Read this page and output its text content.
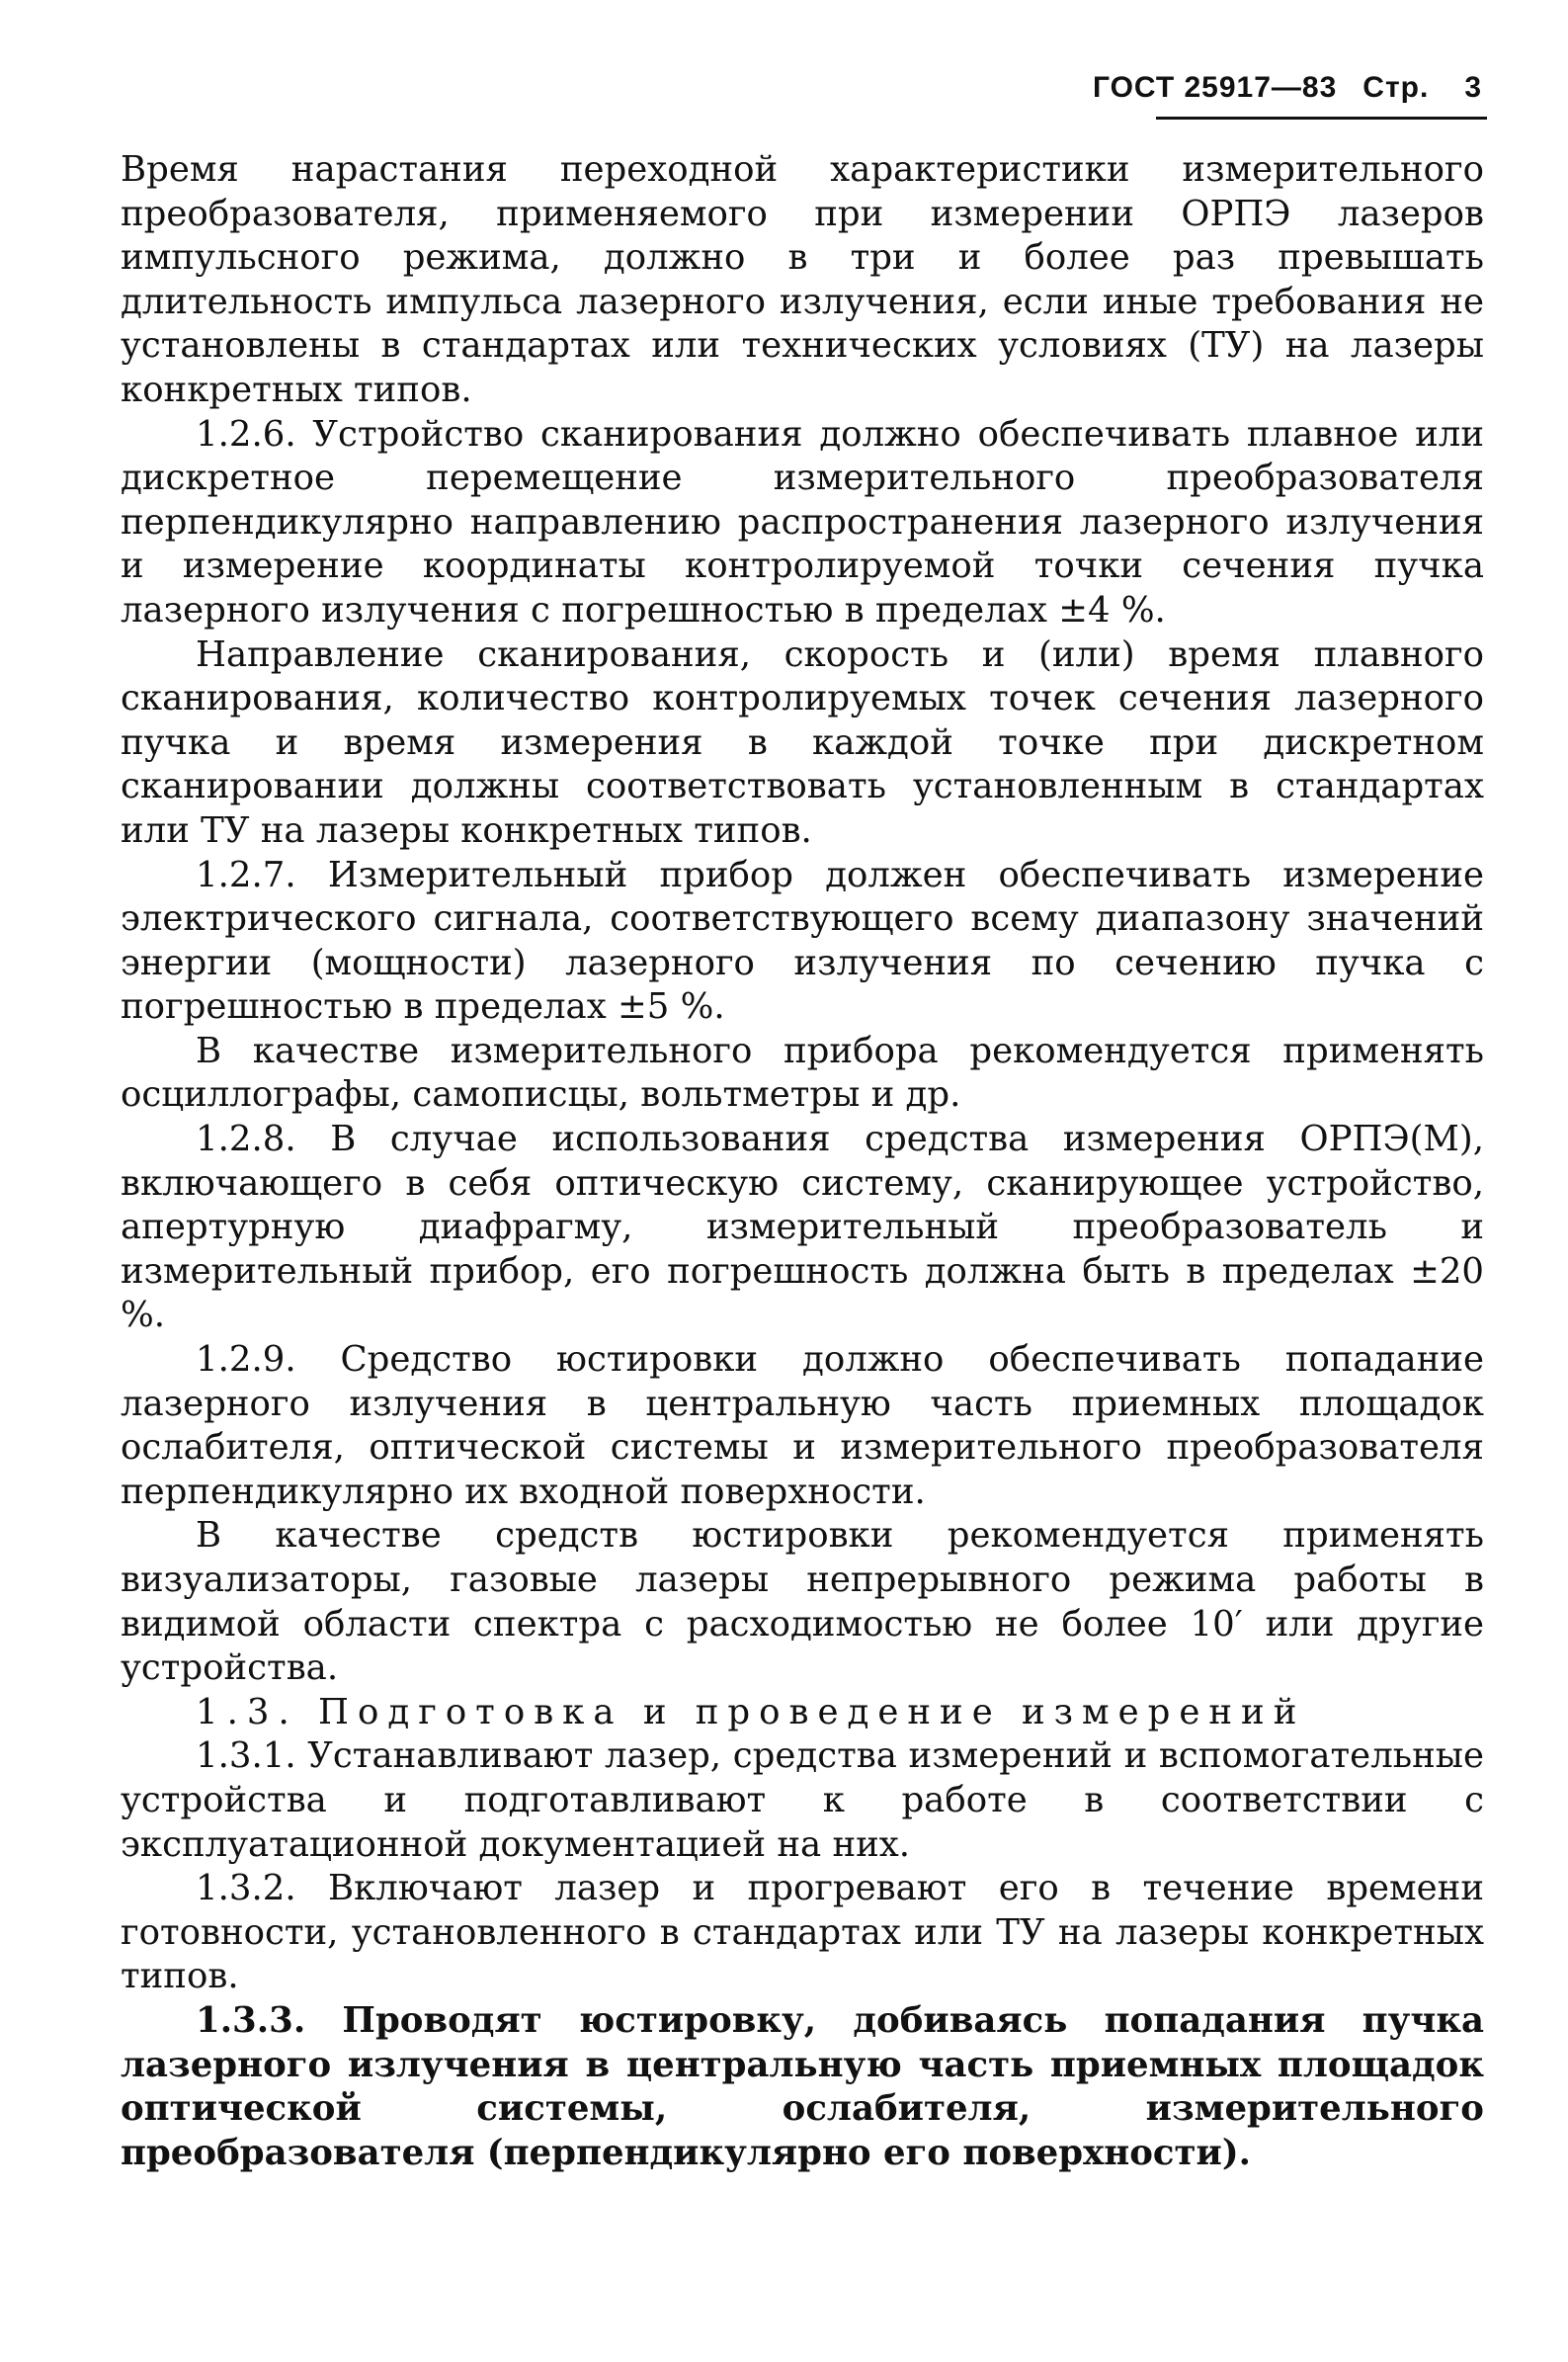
ГОСТ 25917—83 Стр. 3

Время нарастания переходной характеристики измерительного преобразователя, применяемого при измерении ОРПЭ лазеров импульсного режима, должно в три и более раз превышать длительность импульса лазерного излучения, если иные требования не установлены в стандартах или технических условиях (ТУ) на лазеры конкретных типов.

1.2.6. Устройство сканирования должно обеспечивать плавное или дискретное перемещение измерительного преобразователя перпендикулярно направлению распространения лазерного излучения и измерение координаты контролируемой точки сечения пучка лазерного излучения с погрешностью в пределах ±4 %.

Направление сканирования, скорость и (или) время плавного сканирования, количество контролируемых точек сечения лазерного пучка и время измерения в каждой точке при дискретном сканировании должны соответствовать установленным в стандартах или ТУ на лазеры конкретных типов.

1.2.7. Измерительный прибор должен обеспечивать измерение электрического сигнала, соответствующего всему диапазону значений энергии (мощности) лазерного излучения по сечению пучка с погрешностью в пределах ±5 %.

В качестве измерительного прибора рекомендуется применять осциллографы, самописцы, вольтметры и др.

1.2.8. В случае использования средства измерения ОРПЭ(М), включающего в себя оптическую систему, сканирующее устройство, апертурную диафрагму, измерительный преобразователь и измерительный прибор, его погрешность должна быть в пределах ±20 %.

1.2.9. Средство юстировки должно обеспечивать попадание лазерного излучения в центральную часть приемных площадок ослабителя, оптической системы и измерительного преобразователя перпендикулярно их входной поверхности.

В качестве средств юстировки рекомендуется применять визуализаторы, газовые лазеры непрерывного режима работы в видимой области спектра с расходимостью не более 10′ или другие устройства.

1.3. Подготовка и проведение измерений

1.3.1. Устанавливают лазер, средства измерений и вспомогательные устройства и подготавливают к работе в соответствии с эксплуатационной документацией на них.

1.3.2. Включают лазер и прогревают его в течение времени готовности, установленного в стандартах или ТУ на лазеры конкретных типов.

1.3.3. Проводят юстировку, добиваясь попадания пучка лазерного излучения в центральную часть приемных площадок оптической системы, ослабителя, измерительного преобразователя (перпендикулярно его поверхности).
